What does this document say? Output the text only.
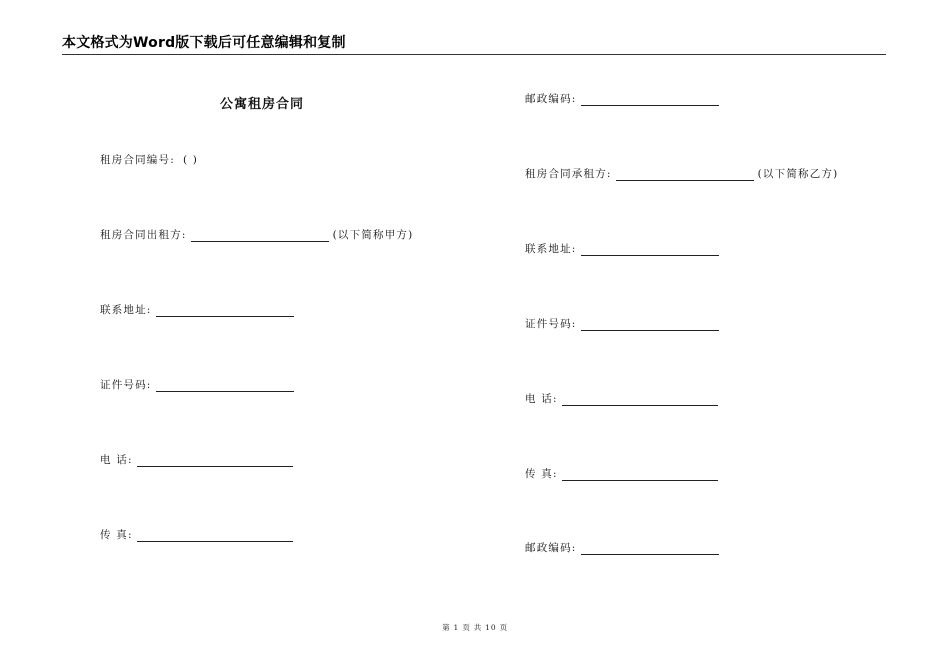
本文格式为Word版下载后可任意编辑和复制
公寓租房合同
租房合同编号: ( )
租房合同出租方:	(以下简称甲方)
联系地址:
证件号码:
电 话:
传 真:
邮政编码:
租房合同承租方:	(以下简称乙方)
联系地址:
证件号码:
电 话:
传 真:
邮政编码:
第 1 页 共 10 页
